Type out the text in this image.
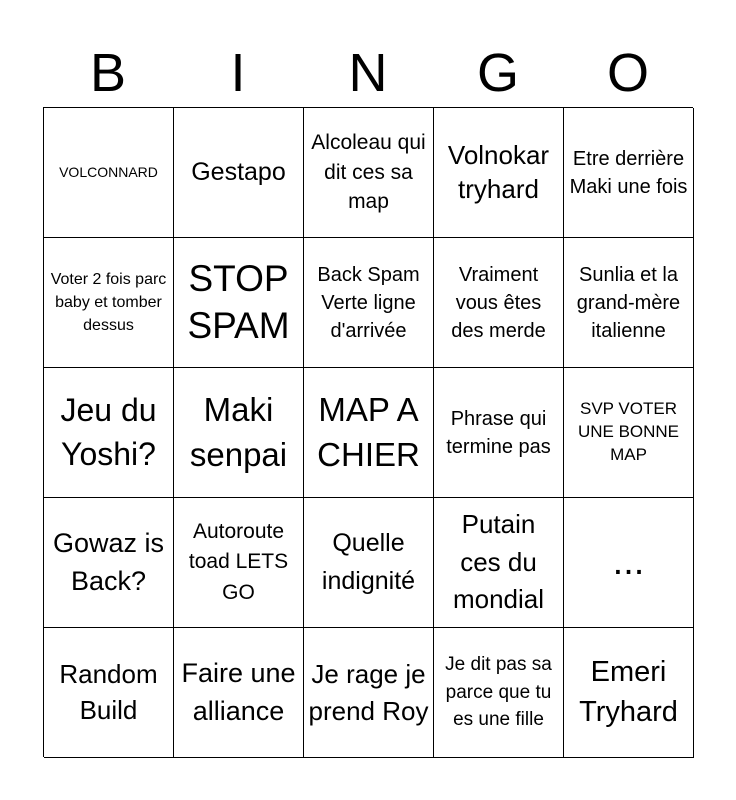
B	I	N	G	O
VOLCONNARD Gestapo
Alcoleau qui dit ces sa map
Volnokar tryhard
Etre derrière Maki une fois
Voter 2 fois parc baby et tomber dessus
STOP SPAM
Back Spam Verte ligne d'arrivée
Vraiment vous êtes des merde
Sunlia et la grand-mère italienne
Jeu du Yoshi?
Maki senpai
MAP A CHIER
Phrase qui termine pas
SVP VOTER UNE BONNE MAP
Gowaz is Back?
Autoroute toad LETS GO
Quelle indignité
Putain ces du mondial
...
Random Build
Faire une alliance
Je rage je prend Roy
Je dit pas sa parce que tu es une fille
Emeri Tryhard
